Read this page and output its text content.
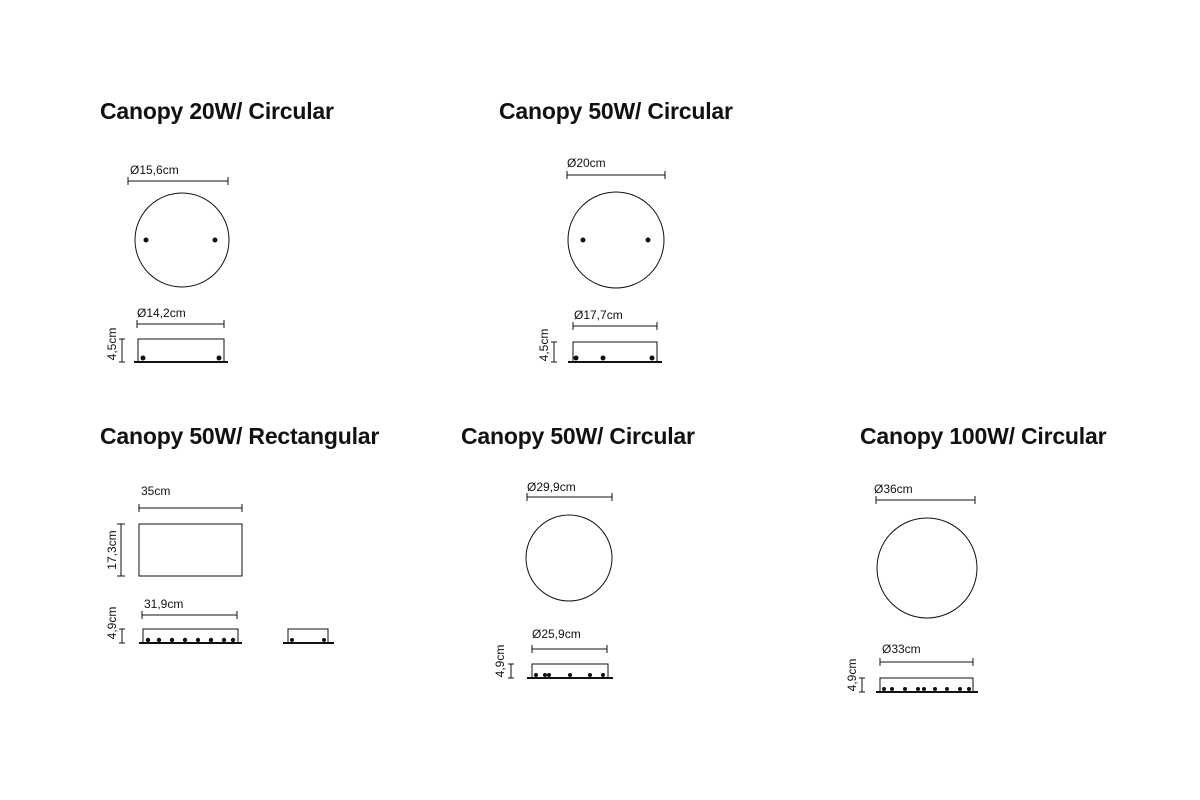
Canopy 20W/ Circular	Canopy 50W/ Circular
Canopy 50W/ Rectangular	Canopy 50W/ Circular	Canopy 100W/ Circular
Ø15,6cm
Ø14,2cm
4,5cm
Ø20cm
Ø17,7cm
4,5cm
35cm
17,3cm
31,9cm
4,9cm
Ø29,9cm
Ø25,9cm
4,9cm
Ø36cm
Ø33cm
4,9cm
